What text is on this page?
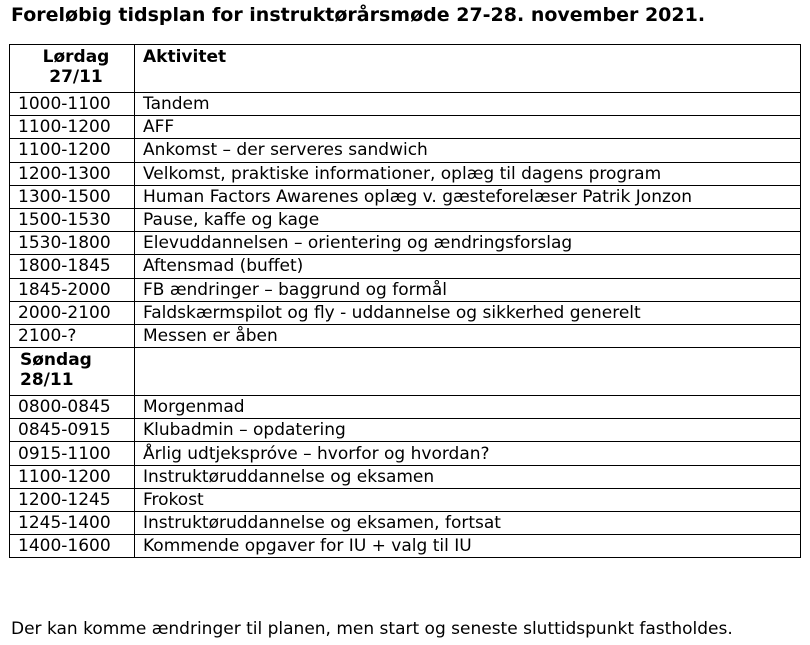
Foreløbig tidsplan for instruktørårsmøde 27-28. november 2021.
Lørdag
27/11	Aktivitet
1000-1100	Tandem
1100-1200	AFF
1100-1200	Ankomst – der serveres sandwich
1200-1300	Velkomst, praktiske informationer, oplæg til dagens program
1300-1500	Human Factors Awarenes oplæg v. gæsteforelæser Patrik Jonzon
1500-1530	Pause, kaffe og kage
1530-1800	Elevuddannelsen – orientering og ændringsforslag
1800-1845	Aftensmad (buffet)
1845-2000	FB ændringer – baggrund og formål
2000-2100	Faldskærmspilot og fly - uddannelse og sikkerhed generelt
2100-?	Messen er åben

Søndag
28/11	

0800-0845	Morgenmad
0845-0915	Klubadmin – opdatering
0915-1100	Årlig udtjekspróve – hvorfor og hvordan?
1100-1200	Instruktøruddannelse og eksamen
1200-1245	Frokost
1245-1400	Instruktøruddannelse og eksamen, fortsat
1400-1600	Kommende opgaver for IU + valg til IU
Der kan komme ændringer til planen, men start og seneste sluttidspunkt fastholdes.
